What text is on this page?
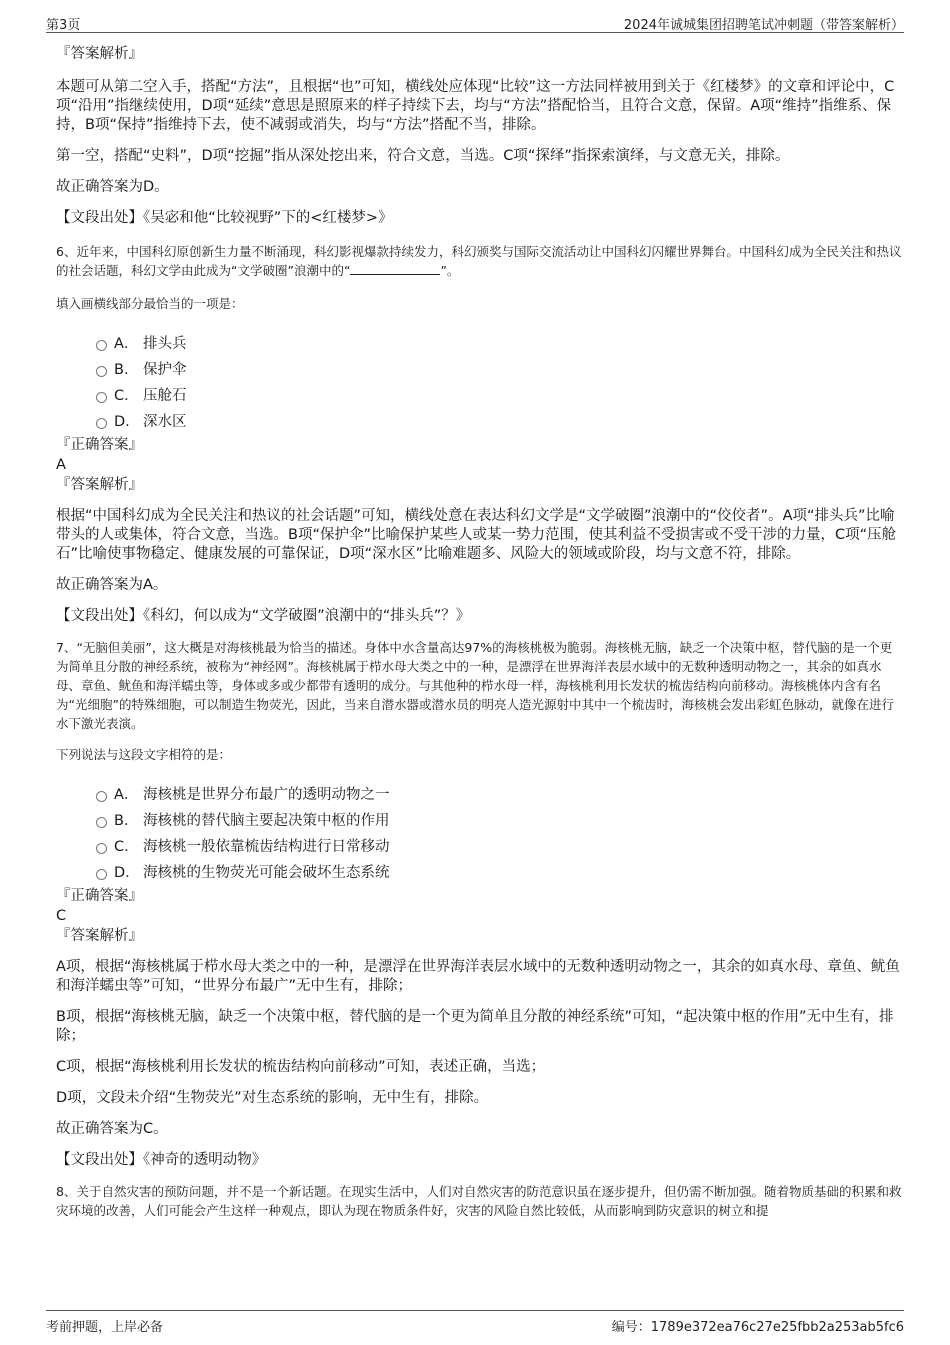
第3页	2024年诚城集团招聘笔试冲刺题（带答案解析）

『答案解析』

本题可从第二空入手，搭配“方法”，且根据“也”可知，横线处应体现“比较”这一方法同样被用到关于《红楼梦》的文章和评论中，C项“沿用”指继续使用，D项“延续”意思是照原来的样子持续下去，均与“方法”搭配恰当，且符合文意，保留。A项“维持”指维系、保持，B项“保持”指维持下去，使不减弱或消失，均与“方法”搭配不当，排除。

第一空，搭配“史料”，D项“挖掘”指从深处挖出来，符合文意，当选。C项“探绎”指探索演绎，与文意无关，排除。

故正确答案为D。

【文段出处】《吴宓和他“比较视野”下的<红楼梦>》

6、近年来，中国科幻原创新生力量不断涌现，科幻影视爆款持续发力，科幻颁奖与国际交流活动让中国科幻闪耀世界舞台。中国科幻成为全民关注和热议的社会话题，科幻文学由此成为“文学破圈”浪潮中的“	”。

填入画横线部分最恰当的一项是：

A． 排头兵
B． 保护伞
C． 压舱石
D． 深水区

『正确答案』

A

『答案解析』

根据“中国科幻成为全民关注和热议的社会话题”可知，横线处意在表达科幻文学是“文学破圈”浪潮中的“佼佼者”。A项“排头兵”比喻带头的人或集体，符合文意，当选。B项“保护伞”比喻保护某些人或某一势力范围，使其利益不受损害或不受干涉的力量，C项“压舱石”比喻使事物稳定、健康发展的可靠保证，D项“深水区”比喻难题多、风险大的领域或阶段，均与文意不符，排除。

故正确答案为A。

【文段出处】《科幻，何以成为“文学破圈”浪潮中的“排头兵”？》

7、“无脑但美丽”，这大概是对海核桃最为恰当的描述。身体中水含量高达97%的海核桃极为脆弱。海核桃无脑，缺乏一个决策中枢，替代脑的是一个更为简单且分散的神经系统，被称为“神经网”。海核桃属于栉水母大类之中的一种，是漂浮在世界海洋表层水域中的无数种透明动物之一，其余的如真水母、章鱼、鱿鱼和海洋蠕虫等，身体或多或少都带有透明的成分。与其他种的栉水母一样，海核桃利用长发状的梳齿结构向前移动。海核桃体内含有名为“光细胞”的特殊细胞，可以制造生物荧光，因此，当来自潜水器或潜水员的明亮人造光源射中其中一个梳齿时，海核桃会发出彩虹色脉动，就像在进行水下激光表演。

下列说法与这段文字相符的是：

A． 海核桃是世界分布最广的透明动物之一
B． 海核桃的替代脑主要起决策中枢的作用
C． 海核桃一般依靠梳齿结构进行日常移动
D． 海核桃的生物荧光可能会破坏生态系统

『正确答案』

C

『答案解析』

A项，根据“海核桃属于栉水母大类之中的一种，是漂浮在世界海洋表层水域中的无数种透明动物之一，其余的如真水母、章鱼、鱿鱼和海洋蠕虫等”可知，“世界分布最广”无中生有，排除；

B项，根据“海核桃无脑，缺乏一个决策中枢，替代脑的是一个更为简单且分散的神经系统”可知，“起决策中枢的作用”无中生有，排除；

C项，根据“海核桃利用长发状的梳齿结构向前移动”可知，表述正确，当选；

D项，文段未介绍“生物荧光”对生态系统的影响，无中生有，排除。

故正确答案为C。

【文段出处】《神奇的透明动物》

8、关于自然灾害的预防问题，并不是一个新话题。在现实生活中，人们对自然灾害的防范意识虽在逐步提升，但仍需不断加强。随着物质基础的积累和救灾环境的改善，人们可能会产生这样一种观点，即认为现在物质条件好，灾害的风险自然比较低，从而影响到防灾意识的树立和提

考前押题，上岸必备	编号：1789e372ea76c27e25fbb2a253ab5fc6
